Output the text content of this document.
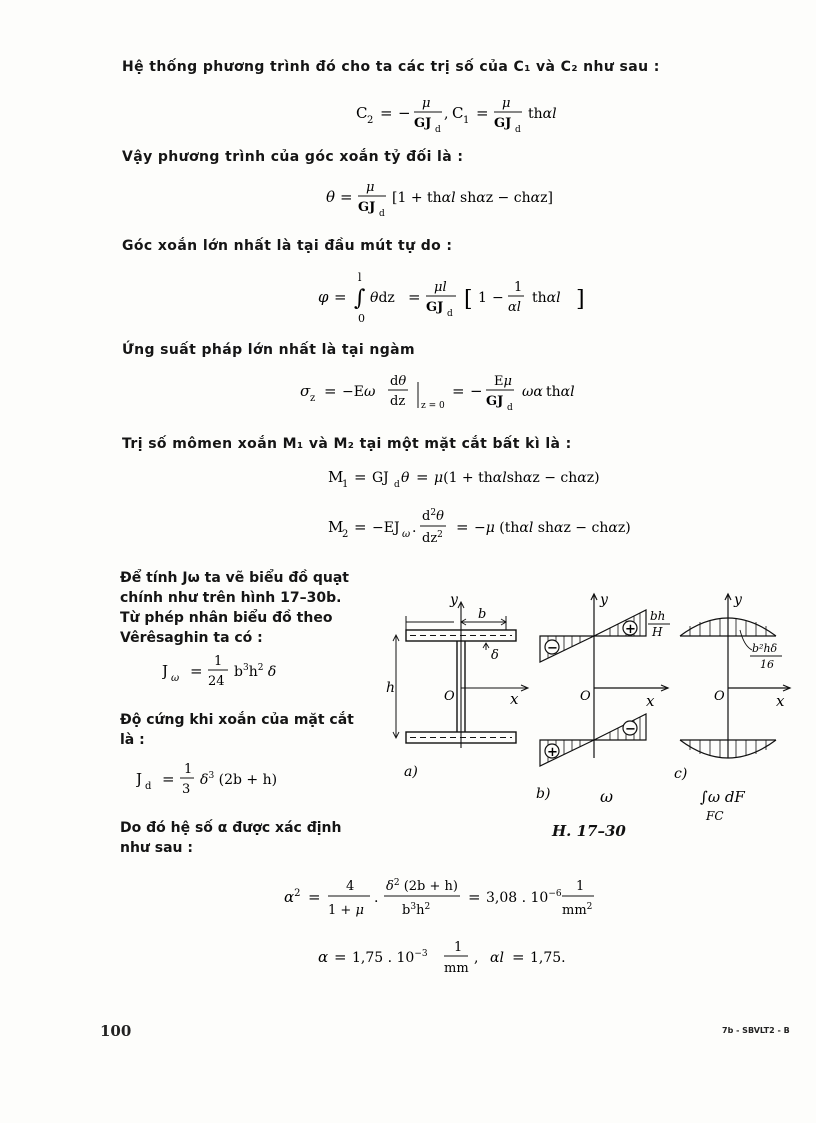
Hệ thống phương trình đó cho ta các trị số của C₁ và C₂ như sau :
C 2 = −
μ
GJ d
, C 1 =
μ
GJ d
thαl
Vậy phương trình của góc xoắn tỷ đối là :
θ =
μ
GJ d
[1 + thαl shαz − chαz]
Góc xoắn lớn nhất là tại đầu mút tự do :
l
φ = ∫
0
θdz =
μl
GJ d
[ 1 −
1
αl
thαl ]
Ứng suất pháp lớn nhất là tại ngàm
σ z = −Eω
dθ
dz z = 0
= −
Eμ
GJ d
ωα thαl
Trị số mômen xoắn M₁ và M₂ tại một mặt cắt bất kì là :
M
1 = GJ d θ = μ(1 + thαlshαz − chαz)
M
2 = −EJ ω .
$d^2\theta$
$dz^2 = -\mu$ (thαl shαz − chαz)
Để tính Jω ta vẽ biểu đồ quạt chính như trên hình 17–30b. Từ phép nhân biểu đồ theo Vêrêsaghin ta có :
J ω =
1
24
$b^3h^2$ δ
Độ cứng khi xoắn của mặt cắt là :
J d =
1
3
$\delta^3$ (2b + h)
Do đó hệ số α được xác định như sau :
y
x
O
b
h
δ
a)
−
+
+
−
y
x
O
bh
H
b)	ω
y
x
O
b²hδ
16
c)
∫ω dF
FC
H. 17–30
$\alpha^2$ =
4
1 + μ
.
$\delta^2$ (2b + h)
$b^3h^2$
= 3,08 . $10^{-6}$ 1
$mm^2$
α = 1,75 . $10^{-3}$ 1
mm
, αl = 1,75.
100	7b - SBVLT2 - B
